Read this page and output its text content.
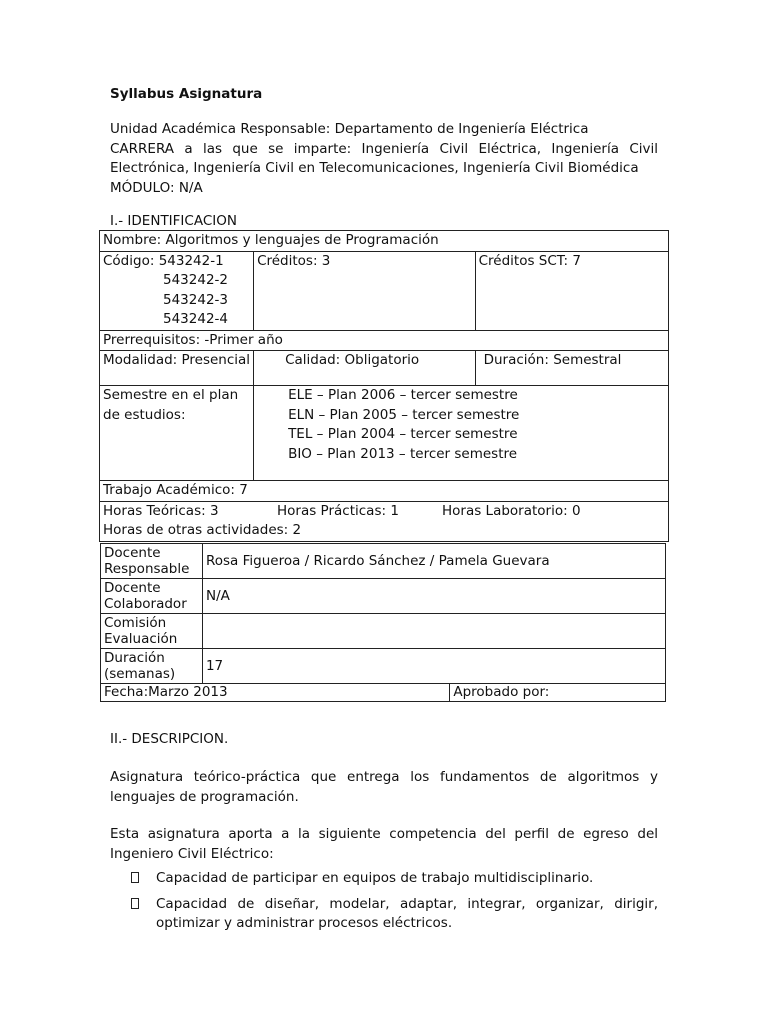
Syllabus Asignatura

Unidad Académica Responsable: Departamento de Ingeniería Eléctrica

CARRERA a las que se imparte: Ingeniería Civil Eléctrica, Ingeniería Civil Electrónica, Ingeniería Civil en Telecomunicaciones, Ingeniería Civil Biomédica

MÓDULO: N/A

I.- IDENTIFICACION
Nombre: Algoritmos y lenguajes de Programación		
Código: 543242-1

543242-2
543242-3
543242-4	Créditos: 3	Créditos SCT: 7
Prerrequisitos: -Primer año		
Modalidad: Presencial	Calidad: Obligatorio	Duración: Semestral
Semestre en el plan de estudios:	ELE – Plan 2006 – tercer semestre
ELN – Plan 2005 – tercer semestre
TEL – Plan 2004 – tercer semestre
BIO – Plan 2013 – tercer semestre	

Trabajo Académico: 7		
Horas Teóricas: 3 Horas Prácticas: 1 Horas Laboratorio: 0
Horas de otras actividades: 2		
Docente Responsable	Rosa Figueroa / Ricardo Sánchez / Pamela Guevara	
Docente Colaborador	N/A	
Comisión Evaluación		
Duración (semanas)	17	
Fecha:Marzo 2013		Aprobado por:
II.- DESCRIPCION.

Asignatura teórico-práctica que entrega los fundamentos de algoritmos y lenguajes de programación.

Esta asignatura aporta a la siguiente competencia del perfil de egreso del Ingeniero Civil Eléctrico:

Capacidad de participar en equipos de trabajo multidisciplinario.
Capacidad de diseñar, modelar, adaptar, integrar, organizar, dirigir, optimizar y administrar procesos eléctricos.
